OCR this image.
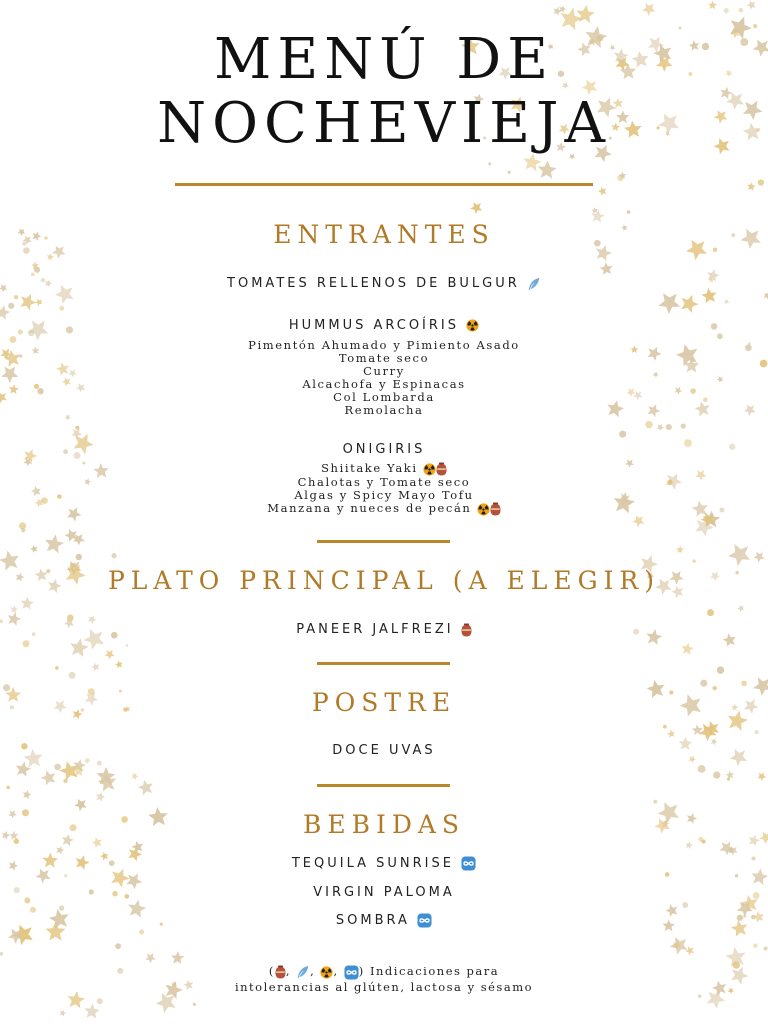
MENÚ DE
NOCHEVIEJA
ENTRANTES

TOMATES RELLENOS DE BULGUR

HUMMUS ARCOÍRIS

Pimentón Ahumado y Pimiento Asado

Tomate seco

Curry

Alcachofa y Espinacas

Col Lombarda

Remolacha

ONIGIRIS

Shiitake Yaki

Chalotas y Tomate seco

Algas y Spicy Mayo Tofu

Manzana y nueces de pecán

PLATO PRINCIPAL (A ELEGIR)

PANEER JALFREZI

POSTRE

DOCE UVAS

BEBIDAS

TEQUILA SUNRISE

VIRGIN PALOMA

SOMBRA

( ,
,
,
) Indicaciones para
intolerancias al glúten, lactosa y sésamo
